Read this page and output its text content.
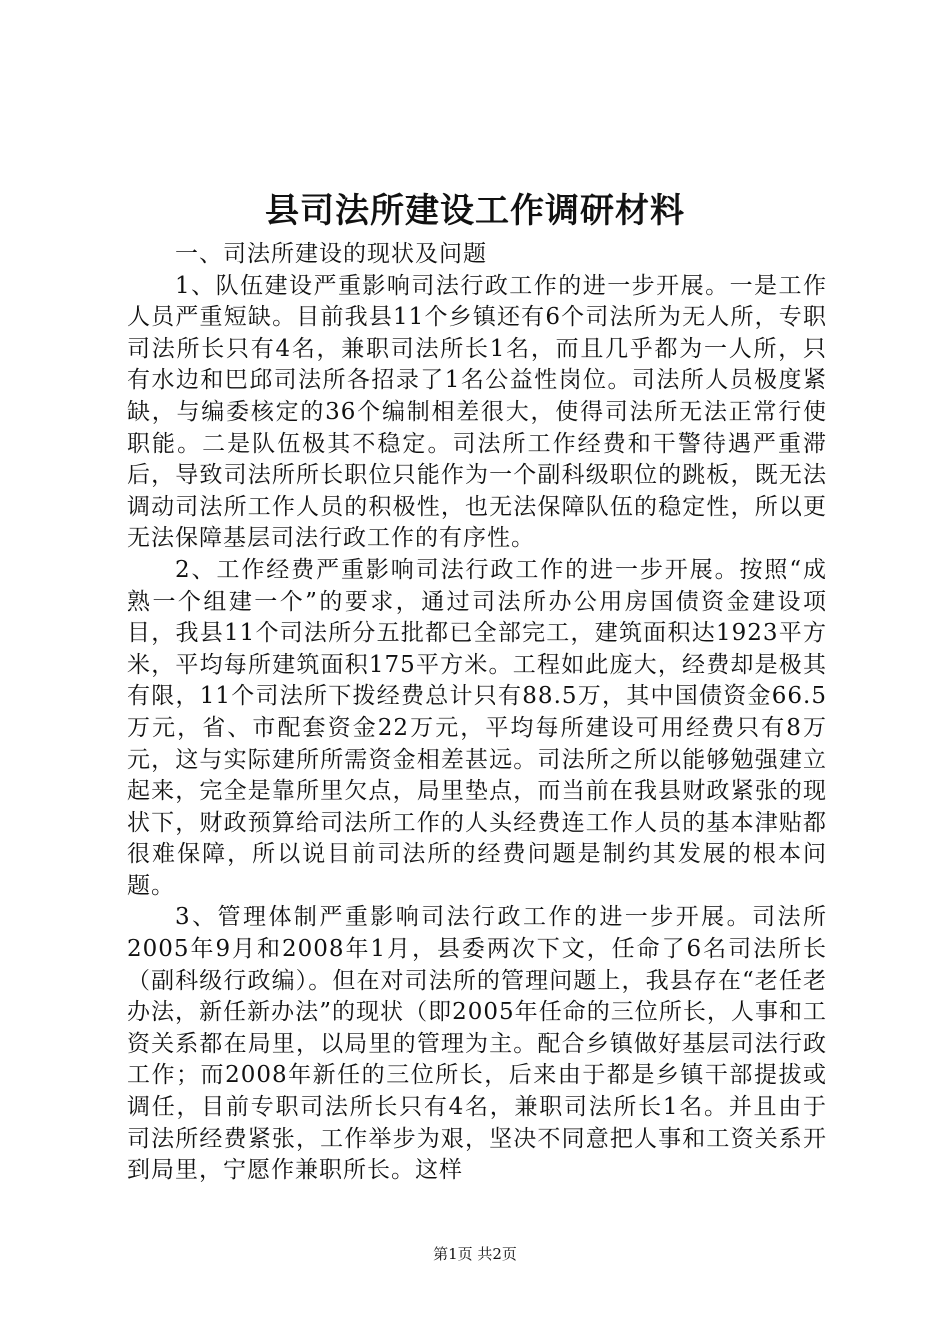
县司法所建设工作调研材料

一、司法所建设的现状及问题

1、队伍建设严重影响司法行政工作的进一步开展。一是工作人员严重短缺。目前我县11个乡镇还有6个司法所为无人所，专职司法所长只有4名，兼职司法所长1名，而且几乎都为一人所，只有水边和巴邱司法所各招录了1名公益性岗位。司法所人员极度紧缺，与编委核定的36个编制相差很大，使得司法所无法正常行使职能。二是队伍极其不稳定。司法所工作经费和干警待遇严重滞后，导致司法所所长职位只能作为一个副科级职位的跳板，既无法调动司法所工作人员的积极性，也无法保障队伍的稳定性，所以更无法保障基层司法行政工作的有序性。

2、工作经费严重影响司法行政工作的进一步开展。按照“成熟一个组建一个”的要求，通过司法所办公用房国债资金建设项目，我县11个司法所分五批都已全部完工，建筑面积达1923平方米，平均每所建筑面积175平方米。工程如此庞大，经费却是极其有限，11个司法所下拨经费总计只有88.5万，其中国债资金66.5万元，省、市配套资金22万元，平均每所建设可用经费只有8万元，这与实际建所所需资金相差甚远。司法所之所以能够勉强建立起来，完全是靠所里欠点，局里垫点，而当前在我县财政紧张的现状下，财政预算给司法所工作的人头经费连工作人员的基本津贴都很难保障，所以说目前司法所的经费问题是制约其发展的根本问题。

3、管理体制严重影响司法行政工作的进一步开展。司法所2005年9月和2008年1月，县委两次下文，任命了6名司法所长（副科级行政编）。但在对司法所的管理问题上，我县存在“老任老办法，新任新办法”的现状（即2005年任命的三位所长，人事和工资关系都在局里，以局里的管理为主。配合乡镇做好基层司法行政工作；而2008年新任的三位所长，后来由于都是乡镇干部提拔或调任，目前专职司法所长只有4名，兼职司法所长1名。并且由于司法所经费紧张，工作举步为艰，坚决不同意把人事和工资关系开到局里，宁愿作兼职所长。这样

第1页 共2页
